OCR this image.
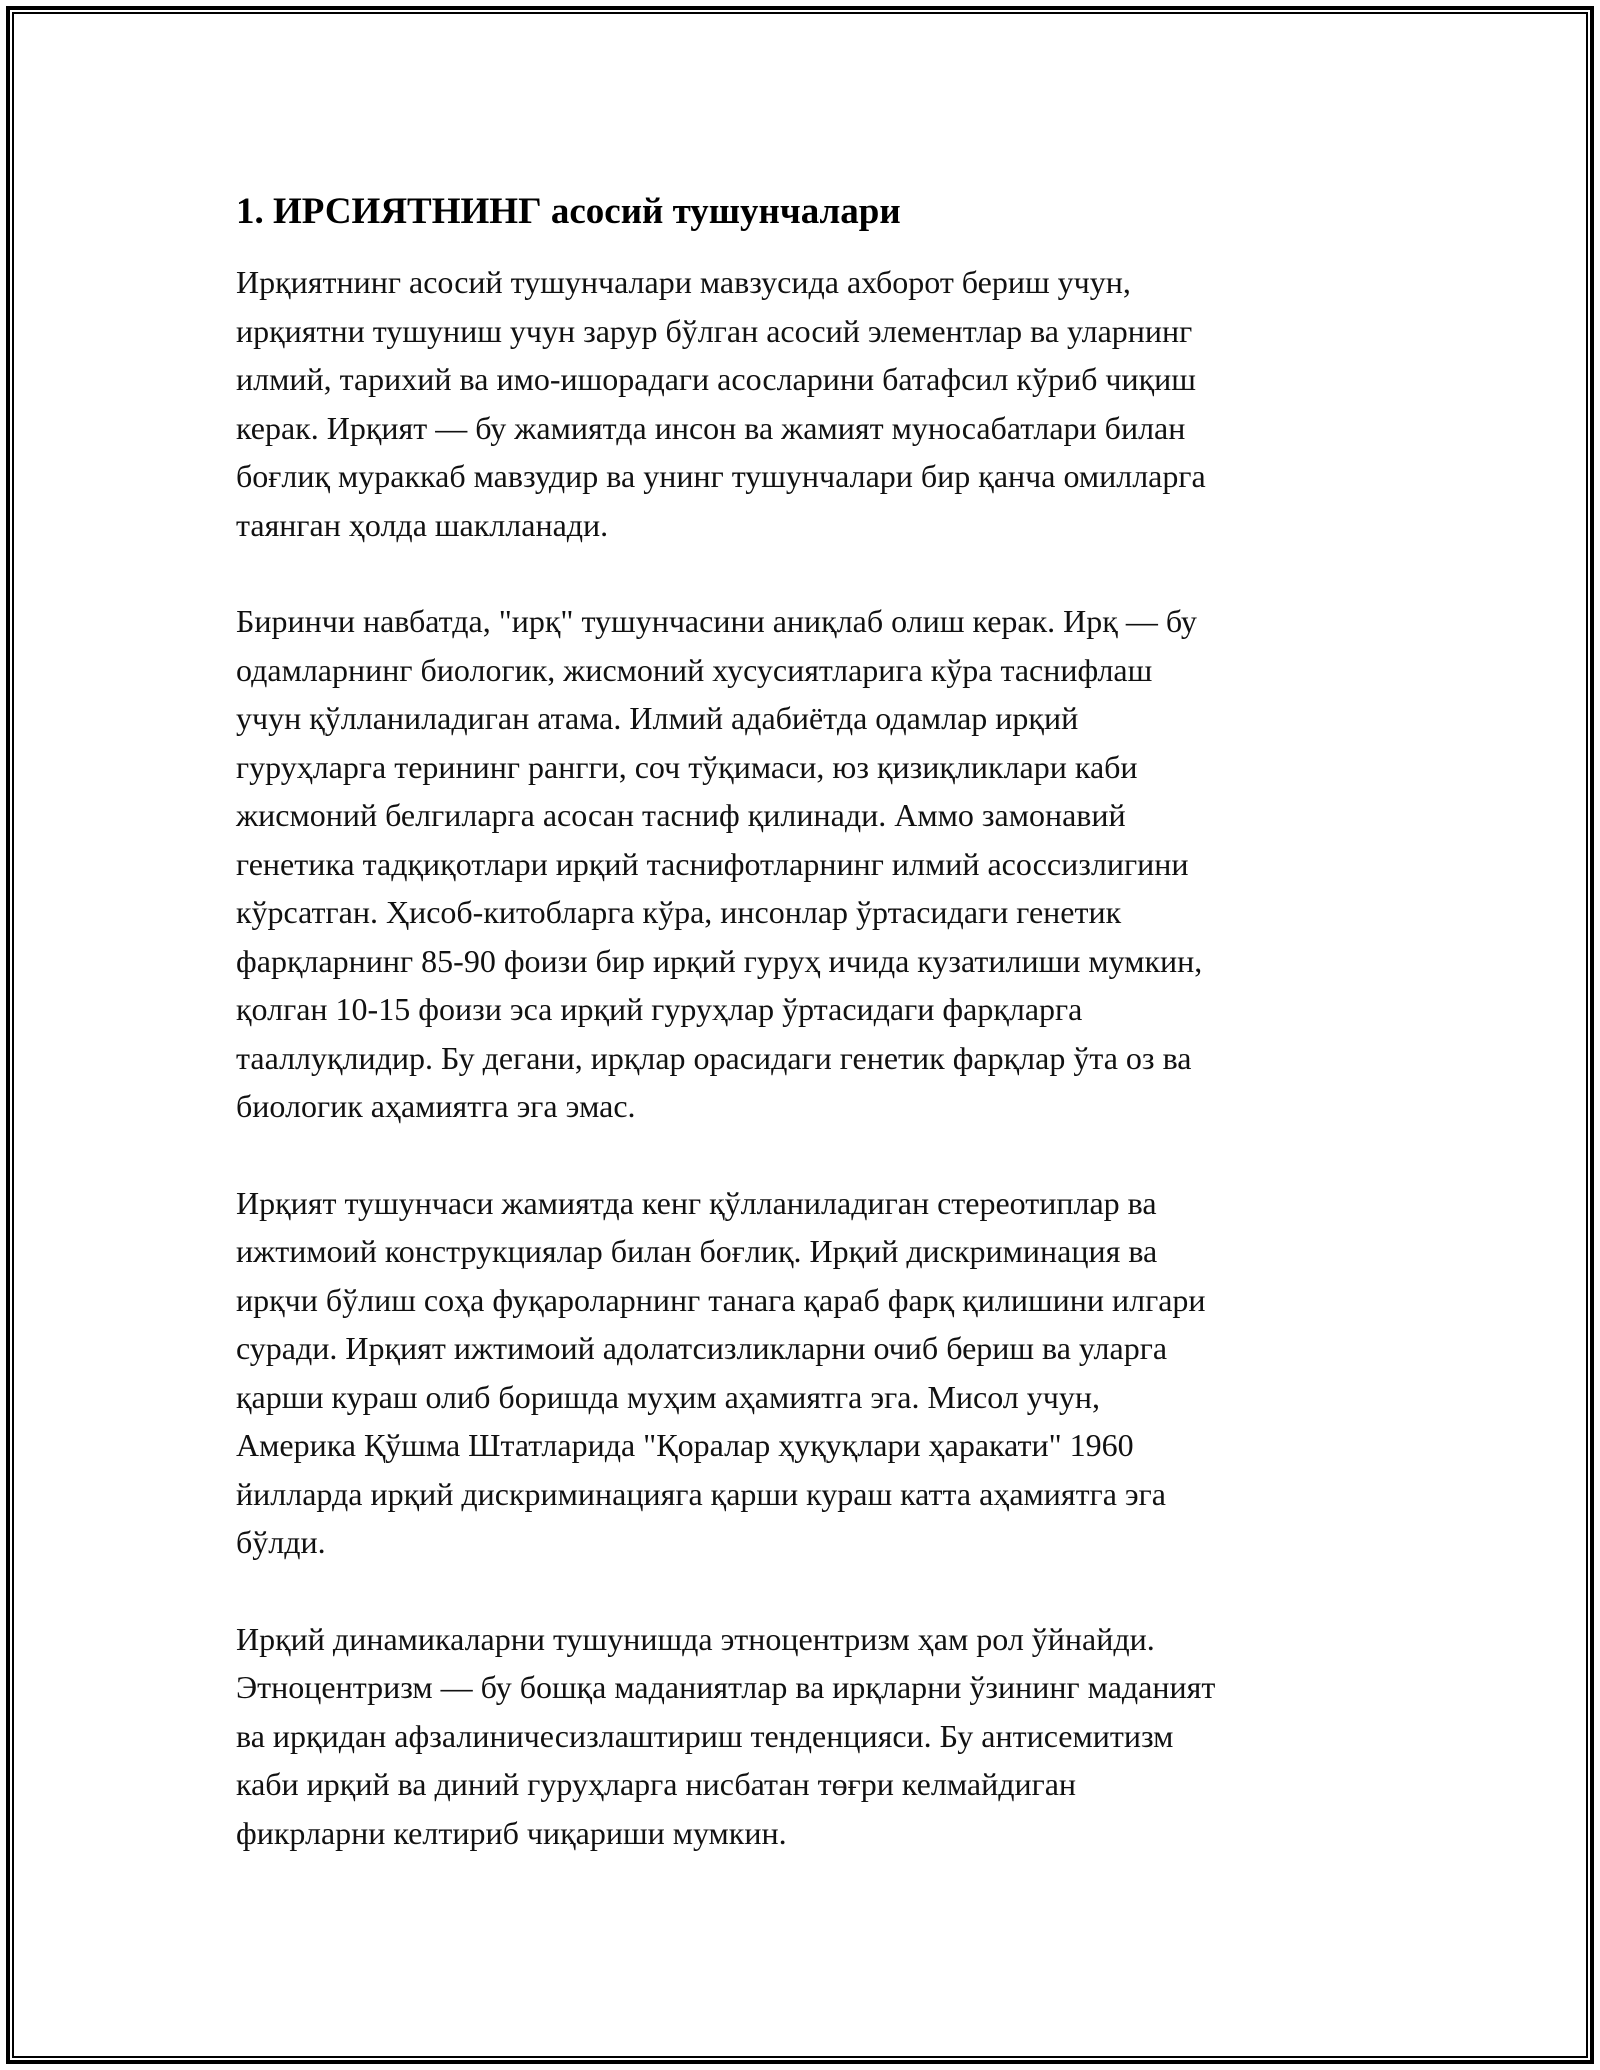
1. ИРСИЯТНИНГ асосий тушунчалари

Ирқиятнинг асосий тушунчалари мавзусида ахборот бериш учун,
ирқиятни тушуниш учун зарур бўлган асосий элементлар ва уларнинг
илмий, тарихий ва имо-ишорадаги асосларини батафсил кўриб чиқиш
керак. Ирқият — бу жамиятда инсон ва жамият муносабатлари билан
боғлиқ мураккаб мавзудир ва унинг тушунчалари бир қанча омилларга
таянган ҳолда шаклланади.

Биринчи навбатда, "ирқ" тушунчасини аниқлаб олиш керак. Ирқ — бу
одамларнинг биологик, жисмоний хусусиятларига кўра таснифлаш
учун қўлланиладиган атама. Илмий адабиётда одамлар ирқий
гуруҳларга терининг рангги, соч тўқимаси, юз қизиқликлари каби
жисмоний белгиларга асосан тасниф қилинади. Аммо замонавий
генетика тадқиқотлари ирқий таснифотларнинг илмий асоссизлигини
кўрсатган. Ҳисоб-китобларга кўра, инсонлар ўртасидаги генетик
фарқларнинг 85-90 фоизи бир ирқий гуруҳ ичида кузатилиши мумкин,
қолган 10-15 фоизи эса ирқий гуруҳлар ўртасидаги фарқларга
тааллуқлидир. Бу дегани, ирқлар орасидаги генетик фарқлар ўта оз ва
биологик аҳамиятга эга эмас.

Ирқият тушунчаси жамиятда кенг қўлланиладиган стереотиплар ва
ижтимоий конструкциялар билан боғлиқ. Ирқий дискриминация ва
ирқчи бўлиш соҳа фуқароларнинг танага қараб фарқ қилишини илгари
суради. Ирқият ижтимоий адолатсизликларни очиб бериш ва уларга
қарши кураш олиб боришда муҳим аҳамиятга эга. Мисол учун,
Америка Қўшма Штатларида "Қоралар ҳуқуқлари ҳаракати" 1960
йилларда ирқий дискриминацияга қарши кураш катта аҳамиятга эга
бўлди.

Ирқий динамикаларни тушунишда этноцентризм ҳам рол ўйнайди.
Этноцентризм — бу бошқа маданиятлар ва ирқларни ўзининг маданият
ва ирқидан афзалиничесизлаштириш тенденцияси. Бу антисемитизм
каби ирқий ва диний гуруҳларга нисбатан төғри келмайдиган
фикрларни келтириб чиқариши мумкин.
